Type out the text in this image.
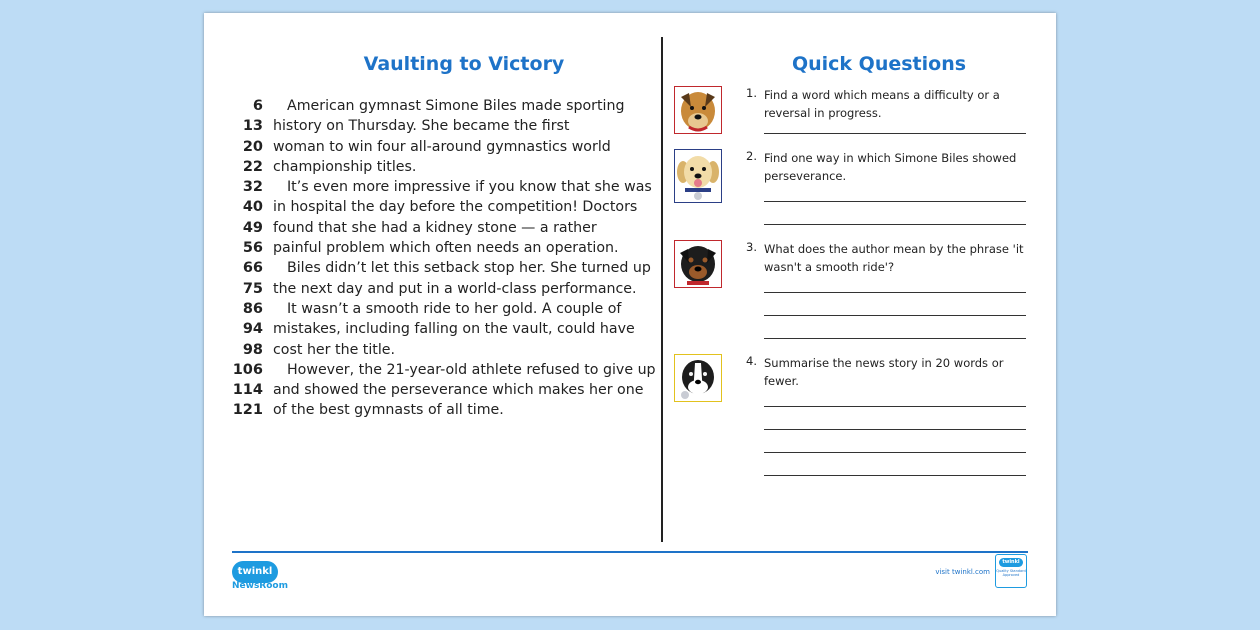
Vaulting to Victory	Quick Questions
6	American gymnast Simone Biles made sporting
13 history on Thursday. She became the first
20 woman to win four all-around gymnastics world
22 championship titles.
32	It’s even more impressive if you know that she was
40 in hospital the day before the competition! Doctors
49 found that she had a kidney stone — a rather
56 painful problem which often needs an operation.
66	Biles didn’t let this setback stop her. She turned up
75 the next day and put in a world-class performance.
86	It wasn’t a smooth ride to her gold. A couple of
94 mistakes, including falling on the vault, could have
98 cost her the title.
106	However, the 21-year-old athlete refused to give up
114 and showed the perseverance which makes her one
121 of the best gymnasts of all time.
1. Find a word which means a difficulty or a reversal in progress.
2. Find one way in which Simone Biles showed perseverance.
3. What does the author mean by the phrase 'it wasn't a smooth ride'?
4. Summarise the news story in 20 words or fewer.
twinkl
NewsRoom
visit twinkl.com
twinkl
Quality Standard Approved
